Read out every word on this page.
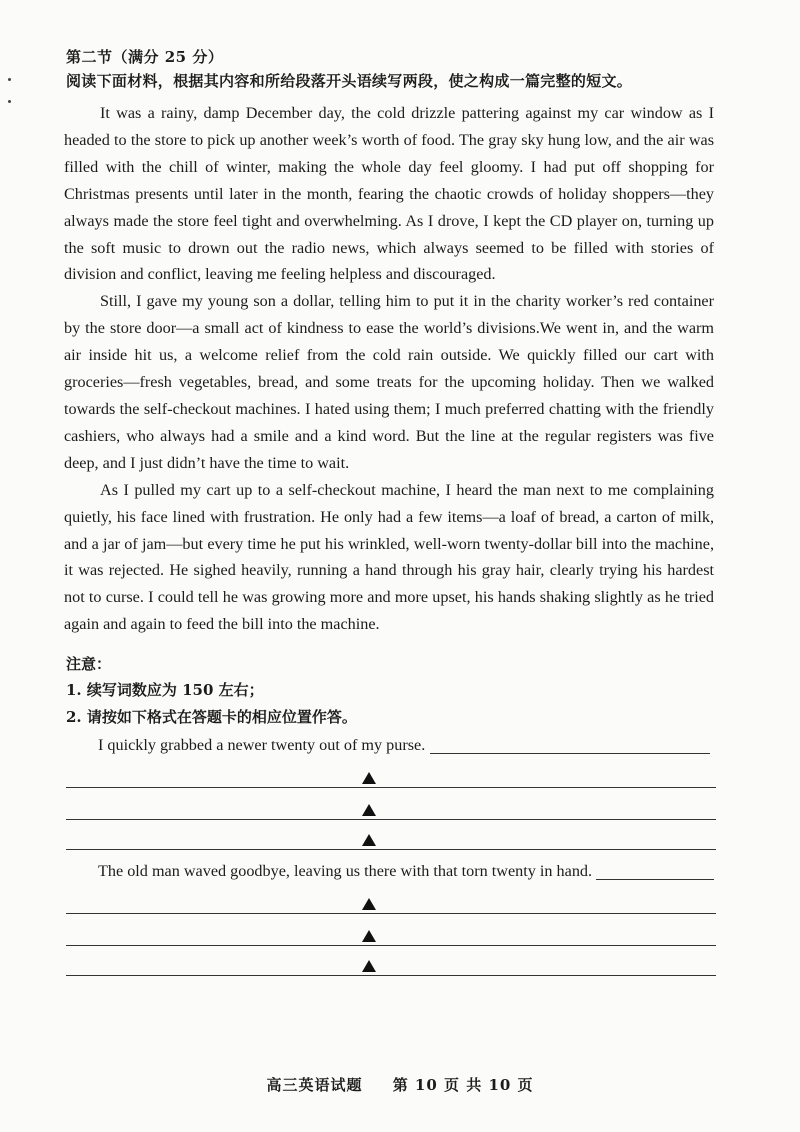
第二节（满分 25 分）
阅读下面材料，根据其内容和所给段落开头语续写两段，使之构成一篇完整的短文。

It was a rainy, damp December day, the cold drizzle pattering against my car window as I headed to the store to pick up another week’s worth of food. The gray sky hung low, and the air was filled with the chill of winter, making the whole day feel gloomy. I had put off shopping for Christmas presents until later in the month, fearing the chaotic crowds of holiday shoppers—they always made the store feel tight and overwhelming. As I drove, I kept the CD player on, turning up the soft music to drown out the radio news, which always seemed to be filled with stories of division and conflict, leaving me feeling helpless and discouraged.

Still, I gave my young son a dollar, telling him to put it in the charity worker’s red container by the store door—a small act of kindness to ease the world’s divisions.We went in, and the warm air inside hit us, a welcome relief from the cold rain outside. We quickly filled our cart with groceries—fresh vegetables, bread, and some treats for the upcoming holiday. Then we walked towards the self-checkout machines. I hated using them; I much preferred chatting with the friendly cashiers, who always had a smile and a kind word. But the line at the regular registers was five deep, and I just didn’t have the time to wait.

As I pulled my cart up to a self-checkout machine, I heard the man next to me complaining quietly, his face lined with frustration. He only had a few items—a loaf of bread, a carton of milk, and a jar of jam—but every time he put his wrinkled, well-worn twenty-dollar bill into the machine, it was rejected. He sighed heavily, running a hand through his gray hair, clearly trying his hardest not to curse. I could tell he was growing more and more upset, his hands shaking slightly as he tried again and again to feed the bill into the machine.

注意：
1. 续写词数应为 150 左右；
2. 请按如下格式在答题卡的相应位置作答。
I quickly grabbed a newer twenty out of my purse.
The old man waved goodbye, leaving us there with that torn twenty in hand.
高三英语试题 第 10 页 共 10 页
